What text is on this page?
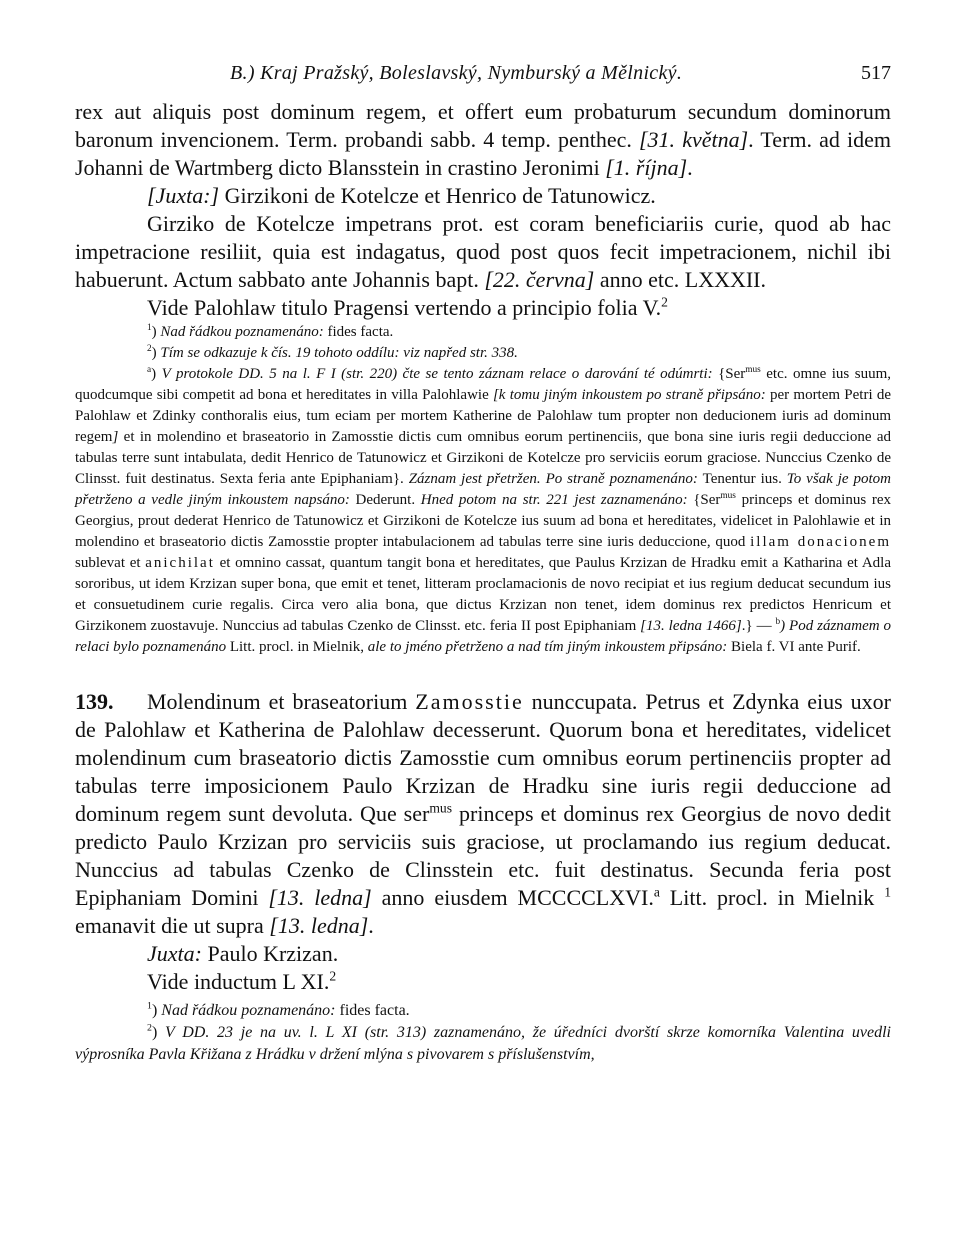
B.) Kraj Pražský, Boleslavský, Nymburský a Mělnický.	517

rex aut aliquis post dominum regem, et offert eum probaturum secundum dominorum baronum invencionem. Term. probandi sabb. 4 temp. penthec. [31. května]. Term. ad idem Johanni de Wartmberg dicto Blansstein in crastino Jeronimi [1. října].

[Juxta:] Girzikoni de Kotelcze et Henrico de Tatunowicz.

Girziko de Kotelcze impetrans prot. est coram beneficiariis curie, quod ab hac impetracione resiliit, quia est indagatus, quod post quos fecit impetracionem, nichil ibi habuerunt. Actum sabbato ante Johannis bapt. [22. června] anno etc. LXXXII.

Vide Palohlaw titulo Pragensi vertendo a principio folia V.$^2$

$^1$) Nad řádkou poznamenáno: fides facta.

$^2$) Tím se odkazuje k čís. 19 tohoto oddílu: viz napřed str. 338.

$^a$) V protokole DD. 5 na l. F I (str. 220) čte se tento záznam relace o darování té odúmrti: {Ser$^{mus}$ etc. omne ius suum, quodcumque sibi competit ad bona et hereditates in villa Palohlawie [k tomu jiným inkoustem po straně připsáno: per mortem Petri de Palohlaw et Zdinky conthoralis eius, tum eciam per mortem Katherine de Palohlaw tum propter non deducionem iuris ad dominum regem] et in molendino et braseatorio in Zamosstie dictis cum omnibus eorum pertinenciis, que bona sine iuris regii deduccione ad tabulas terre sunt intabulata, dedit Henrico de Tatunowicz et Girzikoni de Kotelcze pro serviciis eorum graciose. Nunccius Czenko de Clinsst. fuit destinatus. Sexta feria ante Epiphaniam}. Záznam jest přetržen. Po straně poznamenáno: Tenentur ius. To však je potom přetrženo a vedle jiným inkoustem napsáno: Dederunt. Hned potom na str. 221 jest zaznamenáno: {Ser$^{mus}$ princeps et dominus rex Georgius, prout dederat Henrico de Tatunowicz et Girzikoni de Kotelcze ius suum ad bona et hereditates, videlicet in Palohlawie et in molendino et braseatorio dictis Zamosstie propter intabulacionem ad tabulas terre sine iuris deduccione, quod illam donacionem sublevat et anichilat et omnino cassat, quantum tangit bona et hereditates, que Paulus Krzizan de Hradku emit a Katharina et Adla sororibus, ut idem Krzizan super bona, que emit et tenet, litteram proclamacionis de novo recipiat et ius regium deducat secundum ius et consuetudinem curie regalis. Circa vero alia bona, que dictus Krzizan non tenet, idem dominus rex predictos Henricum et Girzikonem zuostavuje. Nunccius ad tabulas Czenko de Clinsst. etc. feria II post Epiphaniam [13. ledna 1466].} — $^b$) Pod záznamem o relaci bylo poznamenáno Litt. procl. in Mielnik, ale to jméno přetrženo a nad tím jiným inkoustem připsáno: Biela f. VI ante Purif.

139. Molendinum et braseatorium Zamosstie nunccupata. Petrus et Zdynka eius uxor de Palohlaw et Katherina de Palohlaw decesserunt. Quorum bona et hereditates, videlicet molendinum cum braseatorio dictis Zamosstie cum omnibus eorum pertinenciis propter ad tabulas terre imposicionem Paulo Krzizan de Hradku sine iuris regii deduccione ad dominum regem sunt devoluta. Que ser$^{mus}$ princeps et dominus rex Georgius de novo dedit predicto Paulo Krzizan pro serviciis suis graciose, ut proclamando ius regium deducat. Nunccius ad tabulas Czenko de Clinsstein etc. fuit destinatus. Secunda feria post Epiphaniam Domini [13. ledna] anno eiusdem MCCCCLXVI.$^a$ Litt. procl. in Mielnik $^1$ emanavit die ut supra [13. ledna].

Juxta: Paulo Krzizan.

Vide inductum L XI.$^2$

$^1$) Nad řádkou poznamenáno: fides facta.

$^2$) V DD. 23 je na uv. l. L XI (str. 313) zaznamenáno, že úředníci dvorští skrze komorníka Valentina uvedli výprosníka Pavla Křižana z Hrádku v držení mlýna s pivovarem s příslušenstvím,
